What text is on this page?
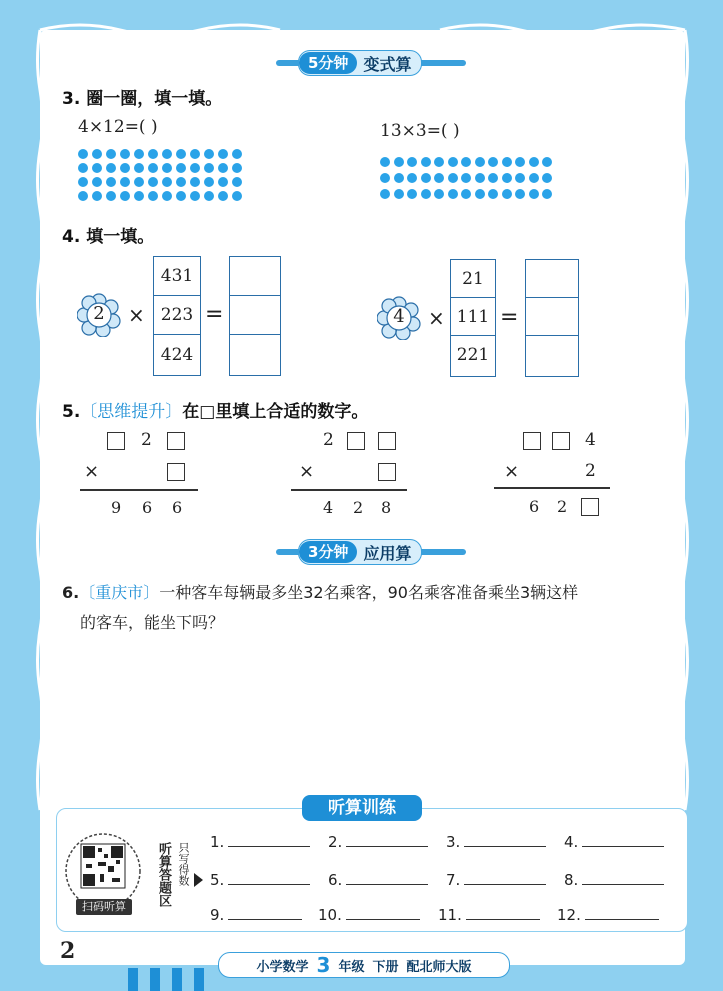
5分钟 变式算
3. 圈一圈，填一填。
4×12=( )	13×3=( )
4. 填一填。
2	×
431
223
424
=	4	×
21
111
221
=
5.〔思维提升〕在□里填上合适的数字。
2
×
9 6 6
2
×
4 2 8
4
×	2
6 2
3分钟 应用算
6.〔重庆市〕一种客车每辆最多坐32名乘客，90名乘客准备乘坐3辆这样
的客车，能坐下吗？
听算训练
扫码听算	听算答题区 只写得数 1.	2.	3.	4.
5.	6.	7.	8.
9.	10.	11.	12.
2
小学数学 3 年级 下册 配北师大版
